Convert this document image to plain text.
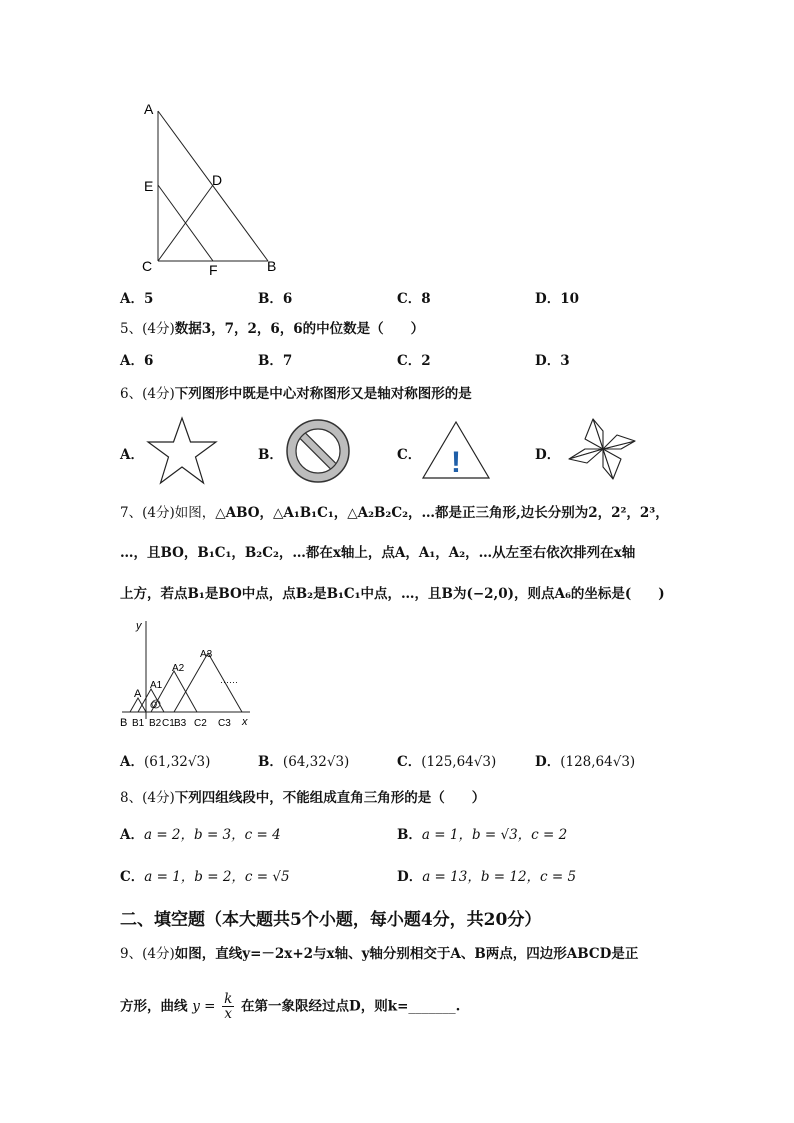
A
E	D
C	F	B
A．5	B．6	C．8	D．10
5、(4分)数据3，7，2，6，6的中位数是（　　）
A．6	B．7	C．2	D．3
6、(4分)下列图形中既是中心对称图形又是轴对称图形的是
A．	B．	C． !	D．
7、(4分)如图，△ABO，△A₁B₁C₁，△A₂B₂C₂，…都是正三角形,边长分别为2，2²，2³，
…，且BO，B₁C₁，B₂C₂，…都在x轴上，点A，A₁，A₂，…从左至右依次排列在x轴
上方，若点B₁是BO中点，点B₂是B₁C₁中点，…，且B为(−2,0)，则点A₆的坐标是(　　)
y
x
A
A1
A2
A3
······
B B1 B2 C1 B3 C2 C3
O
A．(61,32√3)	B．(64,32√3)	C．(125,64√3)	D．(128,64√3)
8、(4分)下列四组线段中，不能组成直角三角形的是（　　）
A．a = 2，b = 3，c = 4	B．a = 1，b = √3，c = 2
C．a = 1，b = 2，c = √5	D．a = 13，b = 12，c = 5
二、填空题（本大题共5个小题，每小题4分，共20分）
9、(4分)如图，直线y=－2x+2与x轴、y轴分别相交于A、B两点，四边形ABCD是正
方形，曲线 $y = \frac{k}{x}$ 在第一象限经过点D，则k=_______.
